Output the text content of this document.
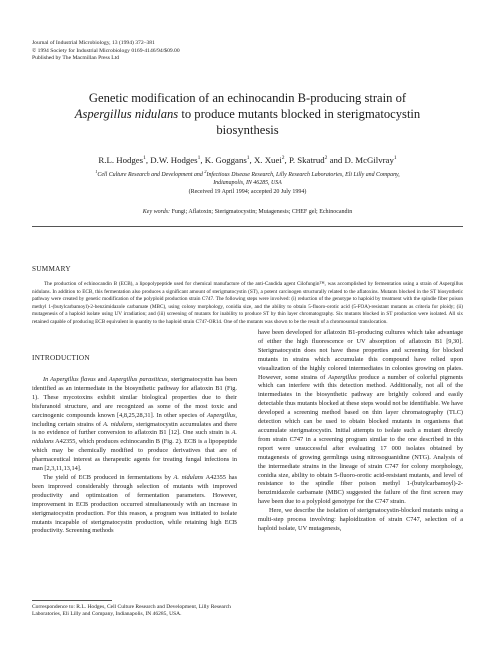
Journal of Industrial Microbiology, 13 (1994) 372–381
© 1994 Society for Industrial Microbiology 0169-4146/94/$09.00
Published by The Macmillan Press Ltd
Genetic modification of an echinocandin B-producing strain of
Aspergillus nidulans to produce mutants blocked in sterigmatocystin
biosynthesis
R.L. Hodges$^1$, D.W. Hodges$^1$, K. Goggans$^1$, X. Xuei$^2$, P. Skatrud$^2$ and D. McGilvray$^1$
$^1$Cell Culture Research and Development and $^2$Infectious Disease Research, Lilly Research Laboratories, Eli Lilly and Company,
Indianapolis, IN 46285, USA
(Received 19 April 1994; accepted 20 July 1994)
Key words: Fungi; Aflatoxin; Sterigmatocystin; Mutagenesis; CHEF gel; Echinocandin
SUMMARY

The production of echinocandin B (ECB), a lipopolypeptide used for chemical manufacture of the anti-Candida agent Cilofungin™, was accomplished by fermentation using a strain of Aspergillus nidulans. In addition to ECB, this fermentation also produces a significant amount of sterigmatocystin (ST), a potent carcinogen structurally related to the aflatoxins. Mutants blocked in the ST biosynthetic pathway were created by genetic modification of the polyploid production strain C747. The following steps were involved: (i) reduction of the genotype to haploid by treatment with the spindle fiber poison methyl 1-(butylcarbamoyl)-2-benzimidazole carbamate (MBC), using colony morphology, conidia size, and the ability to obtain 5-fluoro-orotic acid (5-FOA)-resistant mutants as criteria for ploidy; (ii) mutagenesis of a haploid isolate using UV irradiation; and (iii) screening of mutants for inability to produce ST by thin layer chromatography. Six mutants blocked in ST production were isolated. All six retained capable of producing ECB equivalent in quantity to the haploid strain C747-OR14. One of the mutants was shown to be the result of a chromosomal translocation.

INTRODUCTION

In Aspergillus flavus and Aspergillus parasiticus, sterigmatocystin has been identified as an intermediate in the biosynthetic pathway for aflatoxin B1 (Fig. 1). These mycotoxins exhibit similar biological properties due to their bisfuranoid structure, and are recognized as some of the most toxic and carcinogenic compounds known [4,8,25,28,31]. In other species of Aspergillus, including certain strains of A. nidulans, sterigmatocystin accumulates and there is no evidence of further conversion to aflatoxin B1 [12]. One such strain is A. nidulans A42355, which produces echinocandin B (Fig. 2). ECB is a lipopeptide which may be chemically modified to produce derivatives that are of pharmaceutical interest as therapeutic agents for treating fungal infections in man [2,3,11,13,14].

The yield of ECB produced in fermentations by A. nidulans A42355 has been improved considerably through selection of mutants with improved productivity and optimization of fermentation parameters. However, improvement in ECB production occurred simultaneously with an increase in sterigmatocystin production. For this reason, a program was initiated to isolate mutants incapable of sterigmatocystin production, while retaining high ECB productivity. Screening methods

Correspondence to: R.L. Hodges, Cell Culture Research and Development, Lilly Research Laboratories, Eli Lilly and Company, Indianapolis, IN 46285, USA.

have been developed for aflatoxin B1-producing cultures which take advantage of either the high fluorescence or UV absorption of aflatoxin B1 [9,30]. Sterigmatocystin does not have these properties and screening for blocked mutants in strains which accumulate this compound have relied upon visualization of the highly colored intermediates in colonies growing on plates. However, some strains of Aspergillus produce a number of colorful pigments which can interfere with this detection method. Additionally, not all of the intermediates in the biosynthetic pathway are brightly colored and easily detectable thus mutants blocked at these steps would not be identifiable. We have developed a screening method based on thin layer chromatography (TLC) detection which can be used to obtain blocked mutants in organisms that accumulate sterigmatocystin. Initial attempts to isolate such a mutant directly from strain C747 in a screening program similar to the one described in this report were unsuccessful after evaluating 17 000 isolates obtained by mutagenesis of growing germlings using nitrosoguanidine (NTG). Analysis of the intermediate strains in the lineage of strain C747 for colony morphology, conidia size, ability to obtain 5-fluoro-orotic acid-resistant mutants, and level of resistance to the spindle fiber poison methyl 1-(butylcarbamoyl)-2-benzimidazole carbamate (MBC) suggested the failure of the first screen may have been due to a polyploid genotype for the C747 strain.

Here, we describe the isolation of sterigmatocystin-blocked mutants using a multi-step process involving: haploidization of strain C747, selection of a haploid isolate, UV mutagenesis,
